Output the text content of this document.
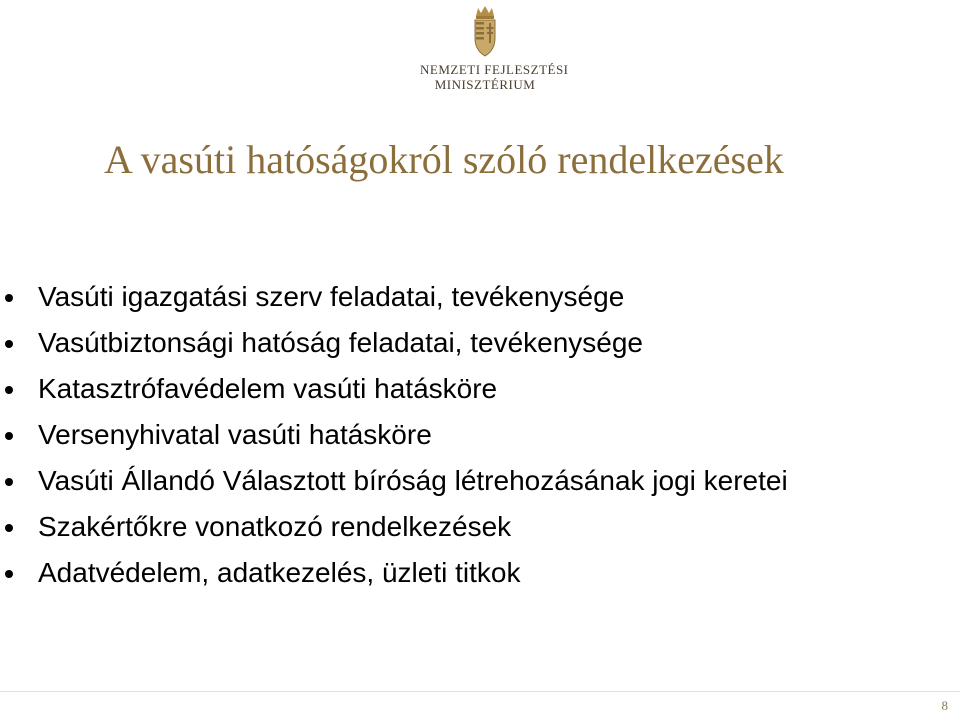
NEMZETI FEJLESZTÉSI
MINISZTÉRIUM
A vasúti hatóságokról szóló rendelkezések
Vasúti igazgatási szerv feladatai, tevékenysége
Vasútbiztonsági hatóság feladatai, tevékenysége
Katasztrófavédelem vasúti hatásköre
Versenyhivatal vasúti hatásköre
Vasúti Állandó Választott bíróság létrehozásának jogi keretei
Szakértőkre vonatkozó rendelkezések
Adatvédelem, adatkezelés, üzleti titkok
8
